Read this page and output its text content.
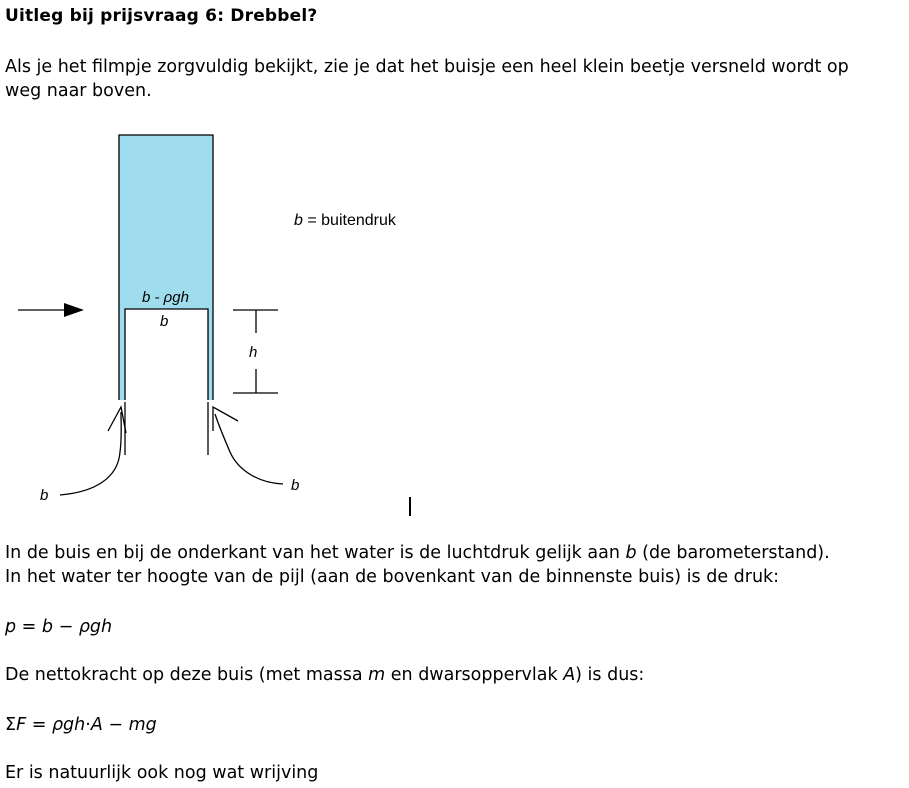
Uitleg bij prijsvraag 6: Drebbel?
Als je het filmpje zorgvuldig bekijkt, zie je dat het buisje een heel klein beetje versneld wordt op
weg naar boven.
b = buitendruk
b - ρgh
b
h
b
b
In de buis en bij de onderkant van het water is de luchtdruk gelijk aan b (de barometerstand).
In het water ter hoogte van de pijl (aan de bovenkant van de binnenste buis) is de druk:
p = b − ρgh
De nettokracht op deze buis (met massa m en dwarsoppervlak A) is dus:
ΣF = ρgh·A − mg
Er is natuurlijk ook nog wat wrijving
